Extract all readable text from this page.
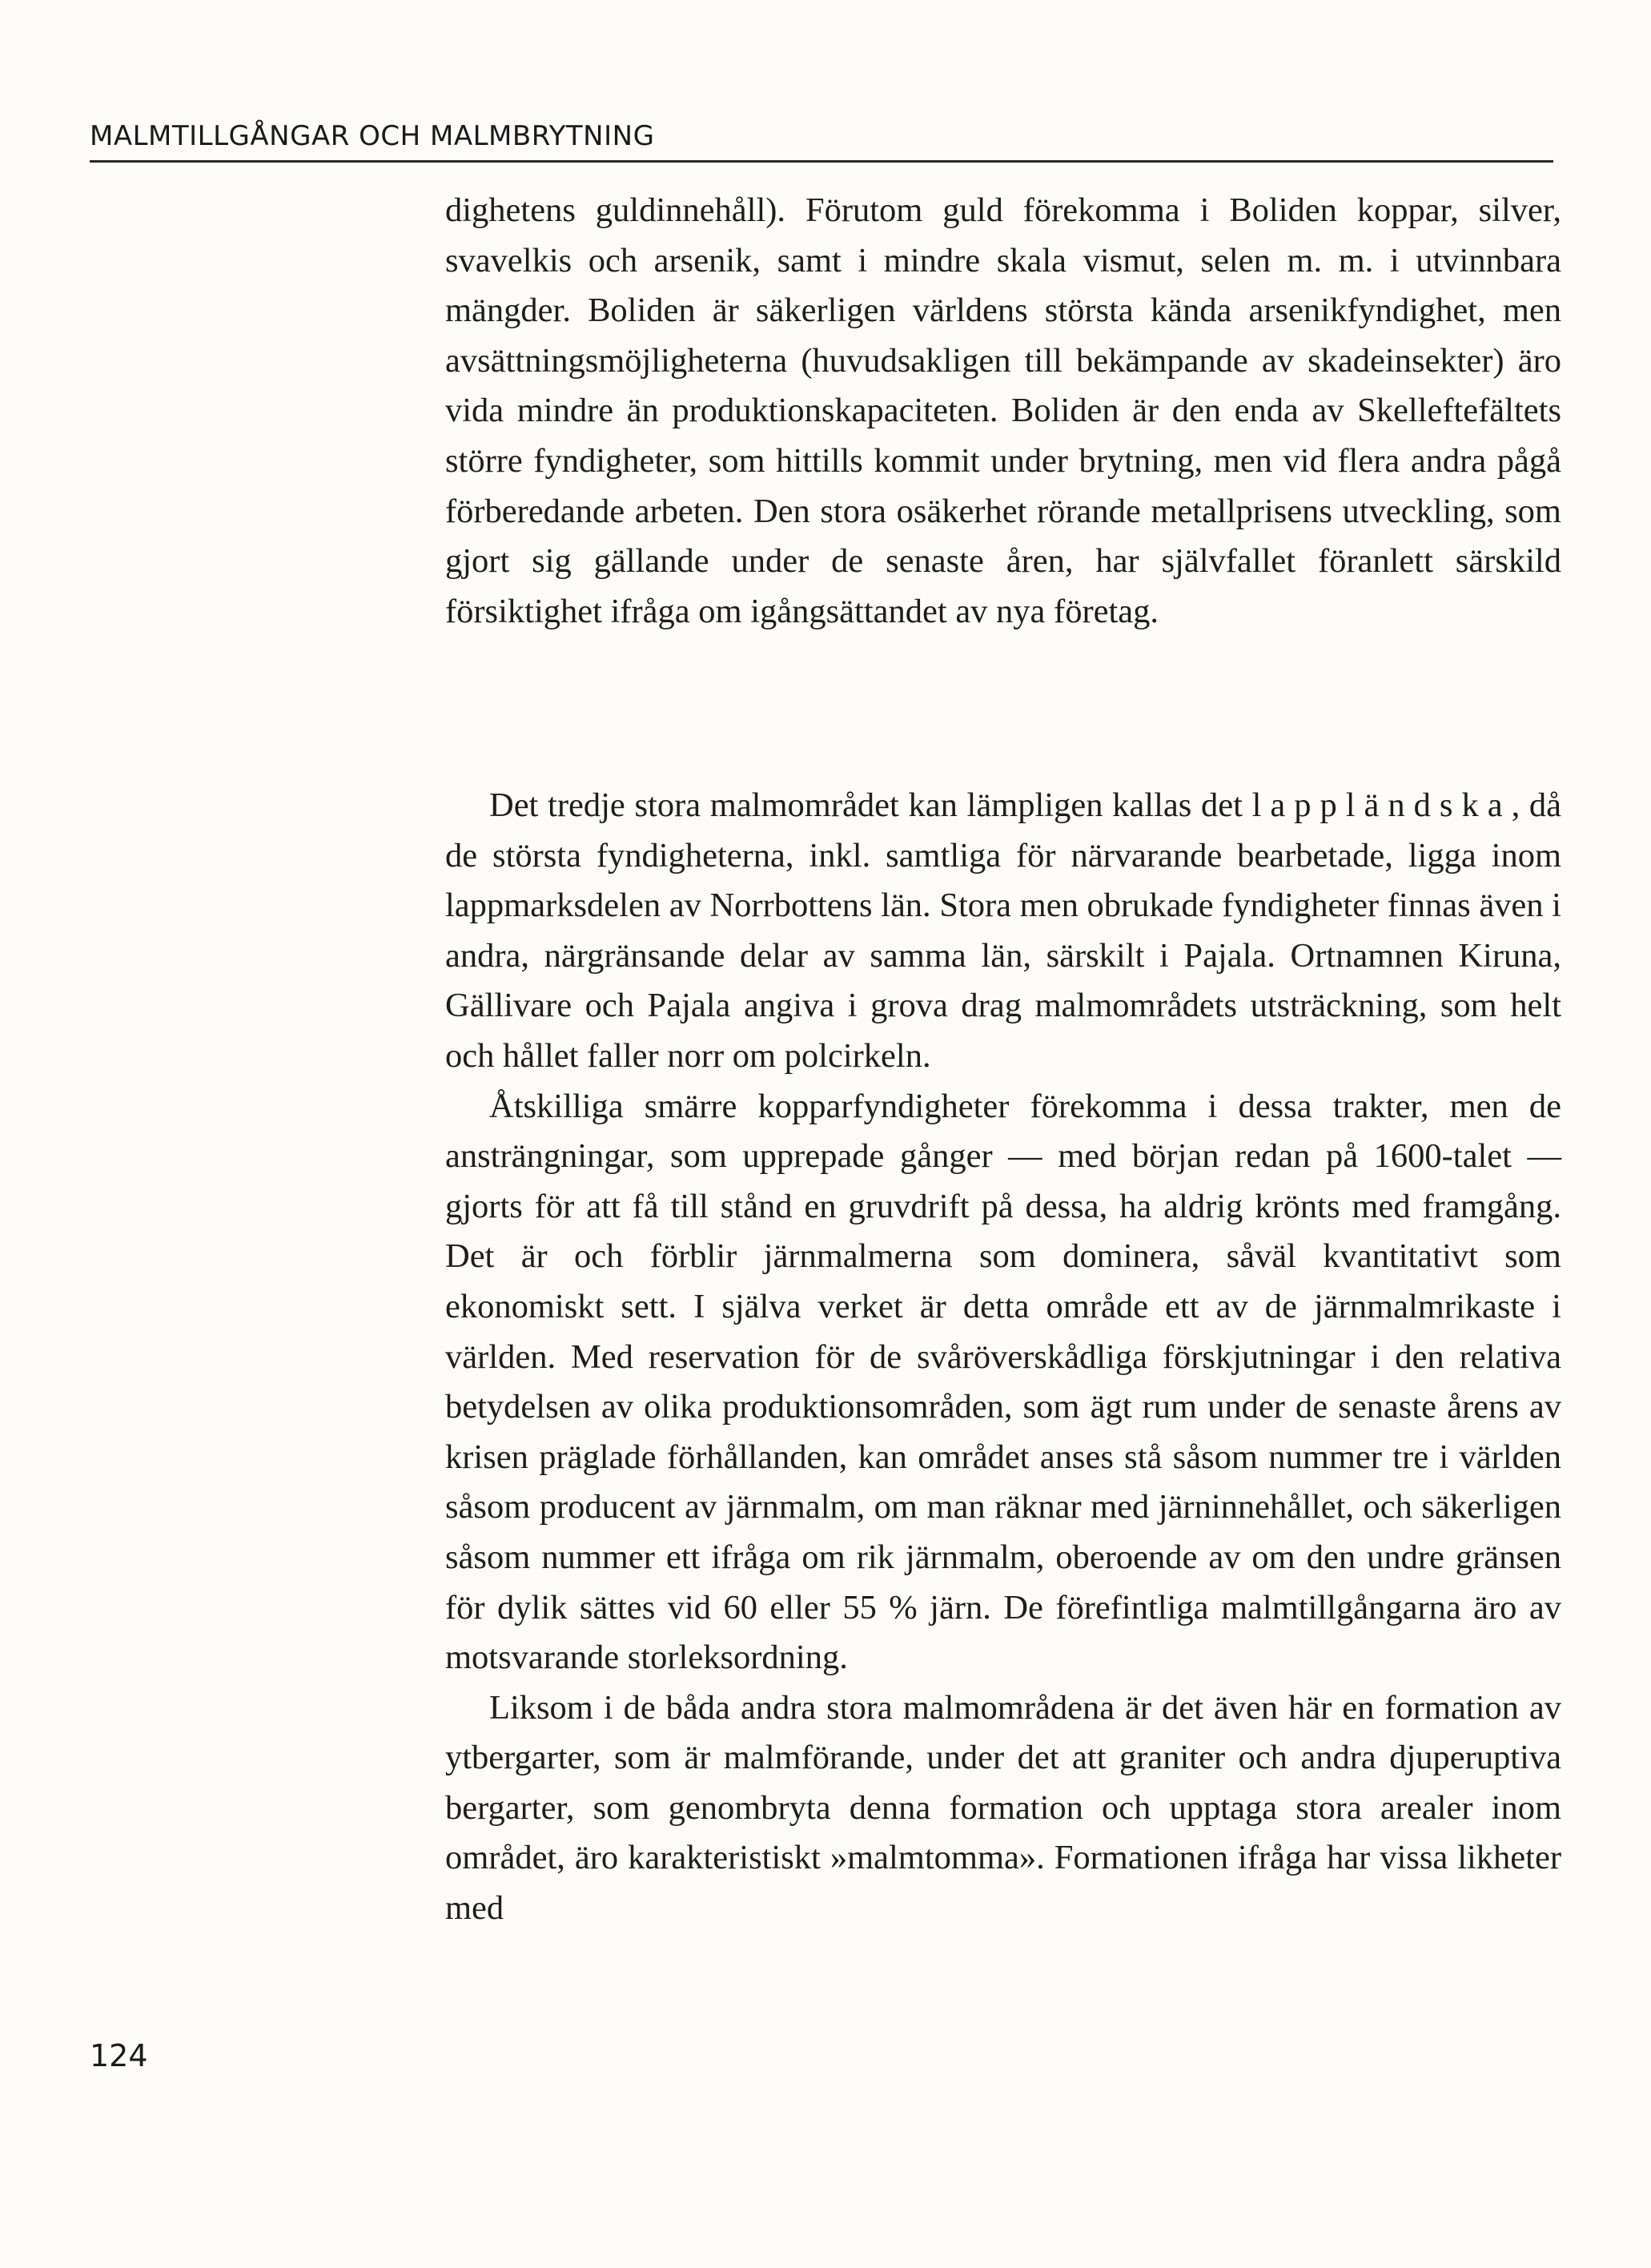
MALMTILLGÅNGAR OCH MALMBRYTNING

dighetens guldinnehåll). Förutom guld förekomma i Boliden koppar, silver, svavelkis och arsenik, samt i mindre skala vismut, selen m. m. i utvinnbara mängder. Boliden är säkerligen världens största kända arsenikfyndighet, men avsättningsmöjligheterna (huvudsakligen till bekämpande av skadeinsekter) äro vida mindre än produktionskapaciteten. Boliden är den enda av Skelleftefältets större fyndigheter, som hittills kommit under brytning, men vid flera andra pågå förberedande arbeten. Den stora osäkerhet rörande metallprisens utveckling, som gjort sig gällande under de senaste åren, har självfallet föranlett särskild försiktighet ifråga om igångsättandet av nya företag.

Det tredje stora malmområdet kan lämpligen kallas det lappländska, då de största fyndigheterna, inkl. samtliga för närvarande bearbetade, ligga inom lappmarksdelen av Norrbottens län. Stora men obrukade fyndigheter finnas även i andra, närgränsande delar av samma län, särskilt i Pajala. Ortnamnen Kiruna, Gällivare och Pajala angiva i grova drag malmområdets utsträckning, som helt och hållet faller norr om polcirkeln.

Åtskilliga smärre kopparfyndigheter förekomma i dessa trakter, men de ansträngningar, som upprepade gånger — med början redan på 1600-talet — gjorts för att få till stånd en gruvdrift på dessa, ha aldrig krönts med framgång. Det är och förblir järnmalmerna som dominera, såväl kvantitativt som ekonomiskt sett. I själva verket är detta område ett av de järnmalmrikaste i världen. Med reservation för de svåröverskådliga förskjutningar i den relativa betydelsen av olika produktionsområden, som ägt rum under de senaste årens av krisen präglade förhållanden, kan området anses stå såsom nummer tre i världen såsom producent av järnmalm, om man räknar med järninnehållet, och säkerligen såsom nummer ett ifråga om rik järnmalm, oberoende av om den undre gränsen för dylik sättes vid 60 eller 55 % järn. De förefintliga malmtillgångarna äro av motsvarande storleksordning.

Liksom i de båda andra stora malmområdena är det även här en formation av ytbergarter, som är malmförande, under det att graniter och andra djuperuptiva bergarter, som genombryta denna formation och upptaga stora arealer inom området, äro karakteristiskt »malmtomma». Formationen ifråga har vissa likheter med

124
